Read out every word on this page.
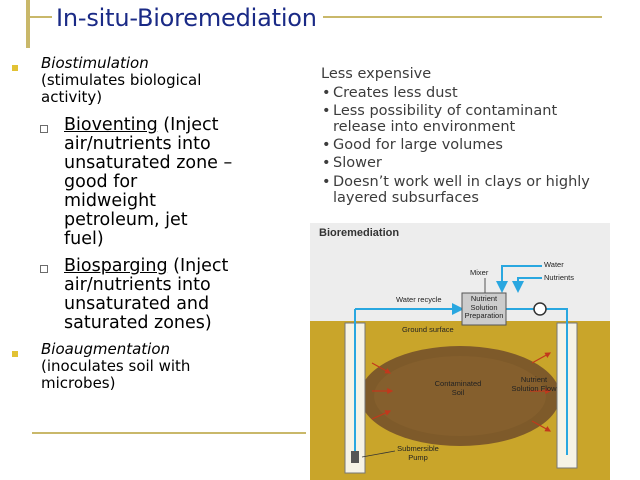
In-situ-Bioremediation
Biostimulation
(stimulates biological
activity)
Bioventing (Inject
air/nutrients into
unsaturated zone –
good for
midweight
petroleum, jet
fuel)
Biosparging (Inject
air/nutrients into
unsaturated and
saturated zones)
Bioaugmentation
(inoculates soil with
microbes)
Less expensive
• Creates less dust
• Less possibility of contaminant
release into environment
• Good for large volumes
• Slower
• Doesn’t work well in clays or highly
layered subsurfaces
Bioremediation
Water
Nutrients
Mixer
Water recycle	Nutrient
Solution
Preparation
Ground surface
Contaminated
Soil
Nutrient
Solution Flow
Submersible
Pump
